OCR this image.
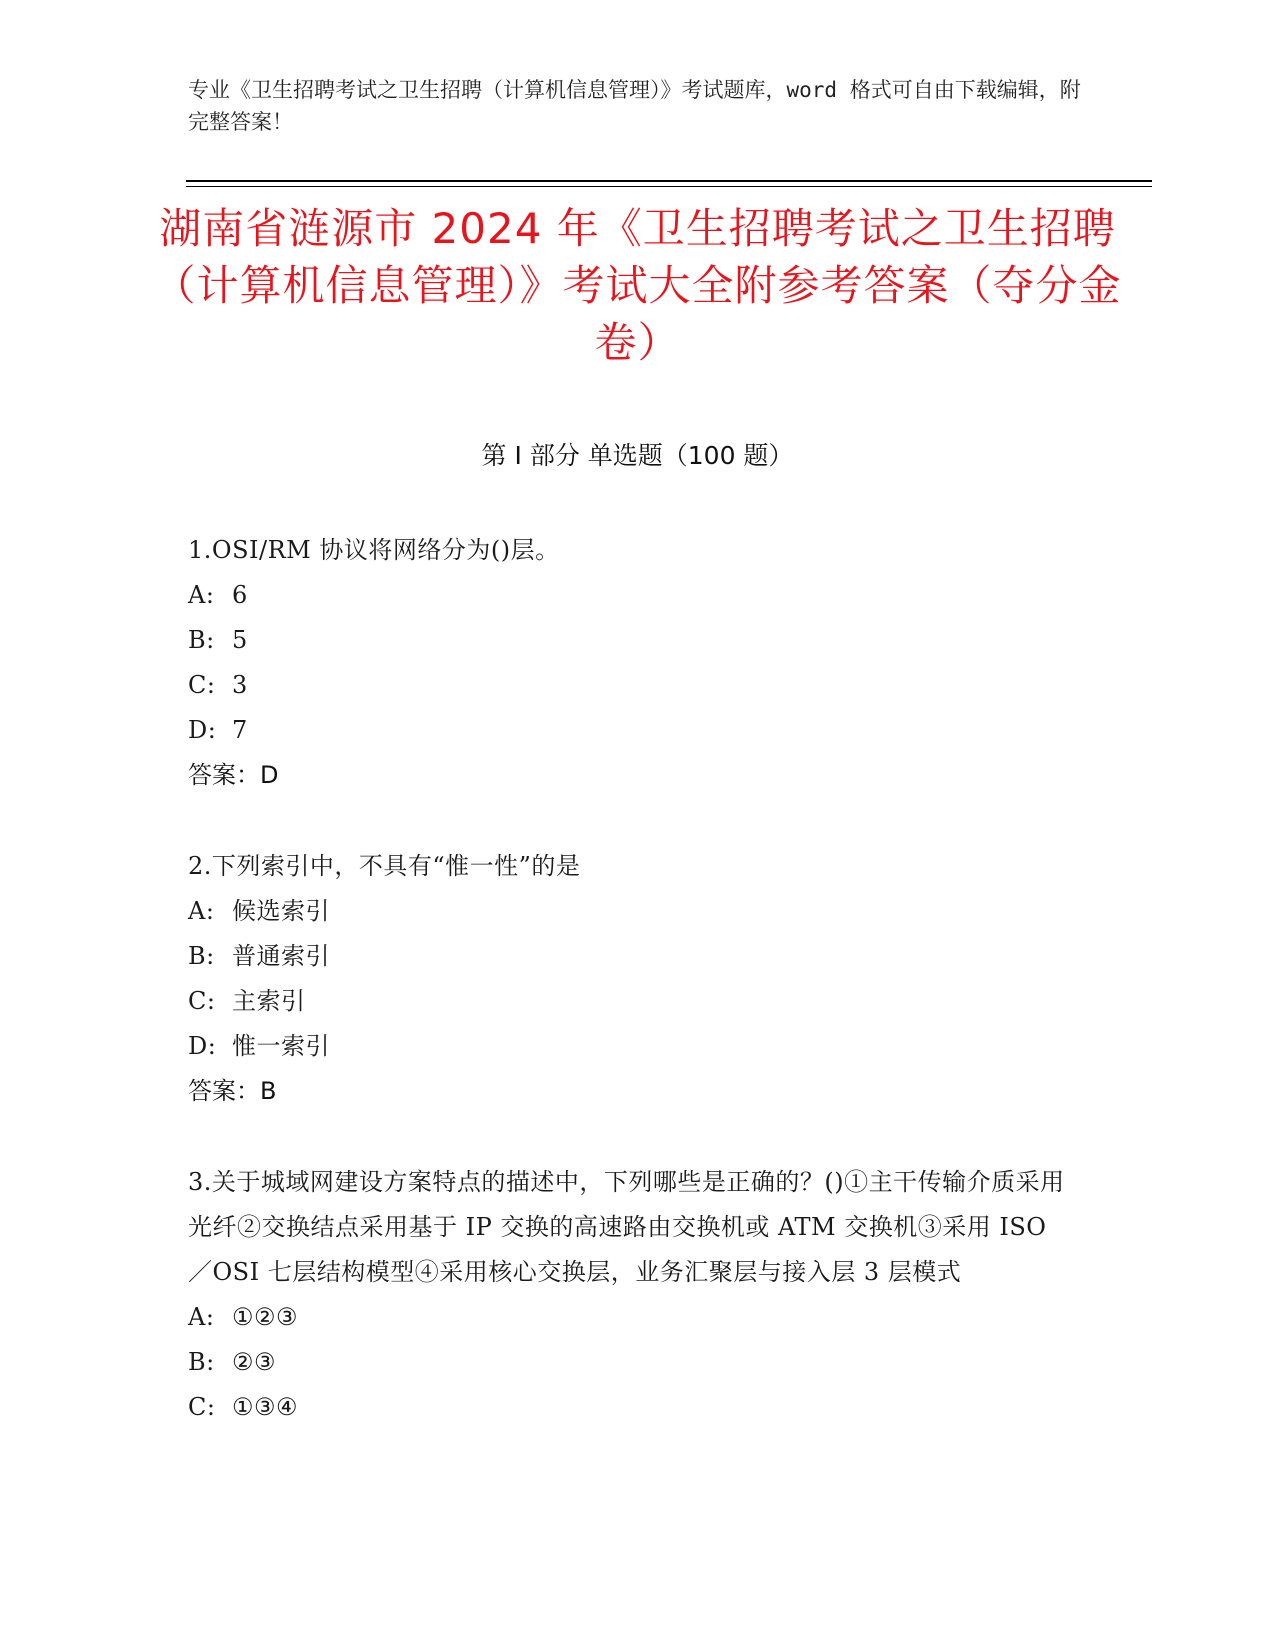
专业《卫生招聘考试之卫生招聘（计算机信息管理）》考试题库，word 格式可自由下载编辑，附完整答案！
湖南省涟源市 2024 年《卫生招聘考试之卫生招聘（计算机信息管理）》考试大全附参考答案（夺分金卷）
第 I 部分 单选题（100 题）
1.OSI/RM 协议将网络分为()层。
A: 6
B: 5
C: 3
D: 7
答案：D
2.下列索引中，不具有“惟一性”的是
A: 候选索引
B: 普通索引
C: 主索引
D: 惟一索引
答案：B
3.关于城域网建设方案特点的描述中，下列哪些是正确的？()①主干传输介质采用光纤②交换结点采用基于 IP 交换的高速路由交换机或 ATM 交换机③采用 ISO／OSI 七层结构模型④采用核心交换层，业务汇聚层与接入层 3 层模式
A: ①②③
B: ②③
C: ①③④
